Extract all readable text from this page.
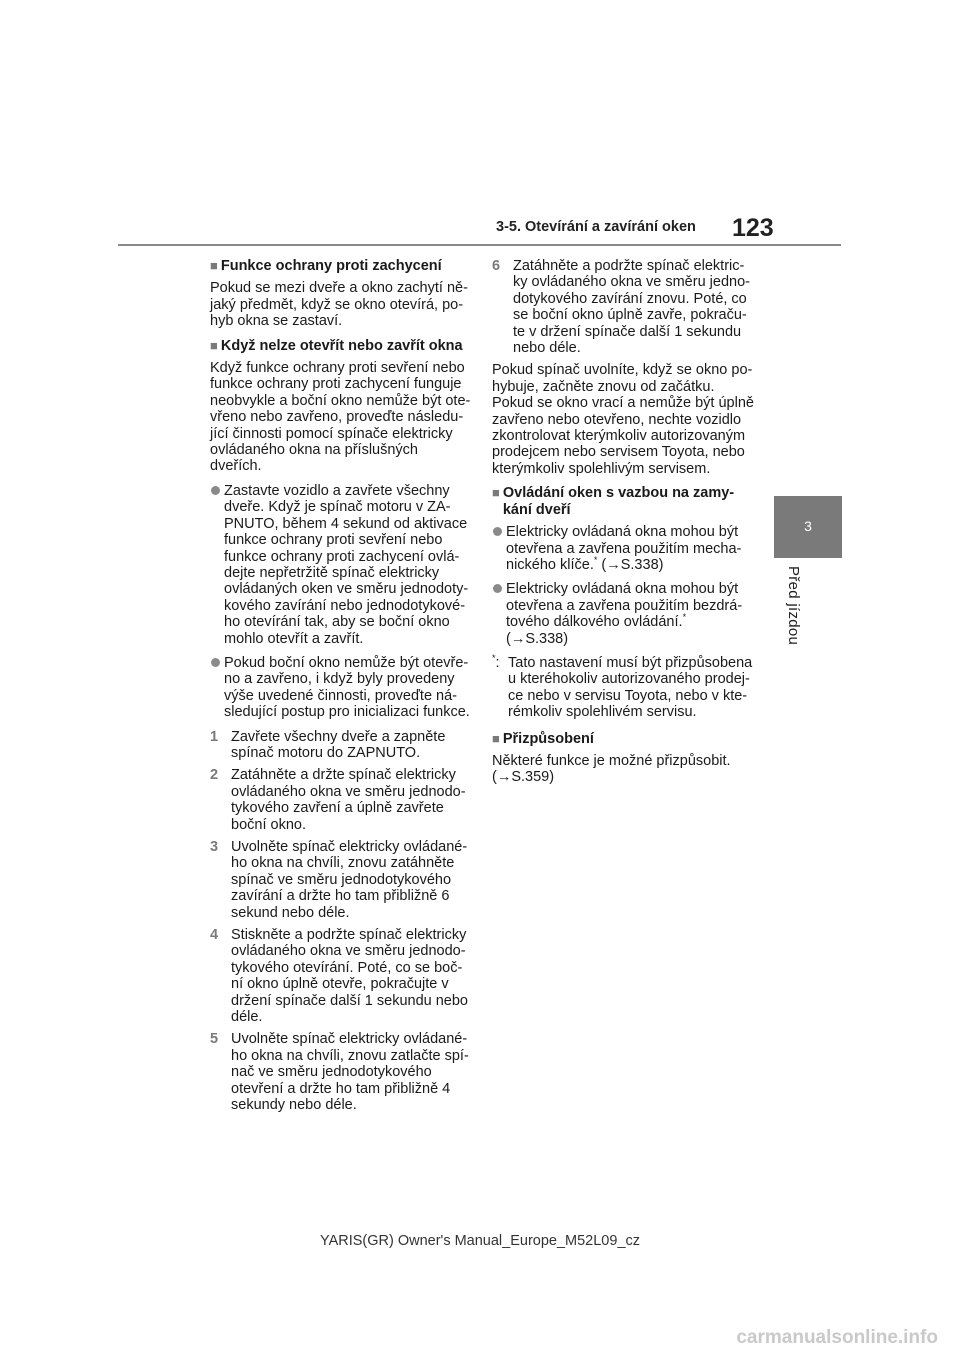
3-5. Otevírání a zavírání oken 123
3
Před jízdou
■ Funkce ochrany proti zachycení
Pokud se mezi dveře a okno zachytí ně- jaký předmět, když se okno otevírá, po- hyb okna se zastaví.
■ Když nelze otevřít nebo zavřít okna
Když funkce ochrany proti sevření nebo funkce ochrany proti zachycení funguje neobvykle a boční okno nemůže být ote- vřeno nebo zavřeno, proveďte následu- jící činnosti pomocí spínače elektricky ovládaného okna na příslušných dveřích.
Zastavte vozidlo a zavřete všechny dveře. Když je spínač motoru v ZA- PNUTO, během 4 sekund od aktivace funkce ochrany proti sevření nebo funkce ochrany proti zachycení ovlá- dejte nepřetržitě spínač elektricky ovládaných oken ve směru jednodoty- kového zavírání nebo jednodotykové- ho otevírání tak, aby se boční okno mohlo otevřít a zavřít.
Pokud boční okno nemůže být otevře- no a zavřeno, i když byly provedeny výše uvedené činnosti, proveďte ná- sledující postup pro inicializaci funkce.
1 Zavřete všechny dveře a zapněte spínač motoru do ZAPNUTO.
2 Zatáhněte a držte spínač elektricky ovládaného okna ve směru jednodo- tykového zavření a úplně zavřete boční okno.
3 Uvolněte spínač elektricky ovládané- ho okna na chvíli, znovu zatáhněte spínač ve směru jednodotykového zavírání a držte ho tam přibližně 6 sekund nebo déle.
4 Stiskněte a podržte spínač elektricky ovládaného okna ve směru jednodo- tykového otevírání. Poté, co se boč- ní okno úplně otevře, pokračujte v držení spínače další 1 sekundu nebo déle.
5 Uvolněte spínač elektricky ovládané- ho okna na chvíli, znovu zatlačte spí- nač ve směru jednodotykového otevření a držte ho tam přibližně 4 sekundy nebo déle.
6 Zatáhněte a podržte spínač elektric- ky ovládaného okna ve směru jedno- dotykového zavírání znovu. Poté, co se boční okno úplně zavře, pokraču- te v držení spínače další 1 sekundu nebo déle.
Pokud spínač uvolníte, když se okno po- hybuje, začněte znovu od začátku. Pokud se okno vrací a nemůže být úplně zavřeno nebo otevřeno, nechte vozidlo zkontrolovat kterýmkoliv autorizovaným prodejcem nebo servisem Toyota, nebo kterýmkoliv spolehlivým servisem.
■ Ovládání oken s vazbou na zamy- kání dveří
Elektricky ovládaná okna mohou být otevřena a zavřena použitím mecha- nického klíče.* (→S.338)
Elektricky ovládaná okna mohou být otevřena a zavřena použitím bezdrá- tového dálkového ovládání.*
(→S.338)
*: Tato nastavení musí být přizpůsobena u kteréhokoliv autorizovaného prodej- ce nebo v servisu Toyota, nebo v kte- rémkoliv spolehlivém servisu.
■ Přizpůsobení
Některé funkce je možné přizpůsobit.
(→S.359)
YARIS(GR) Owner's Manual_Europe_M52L09_cz
carmanualsonline.info
